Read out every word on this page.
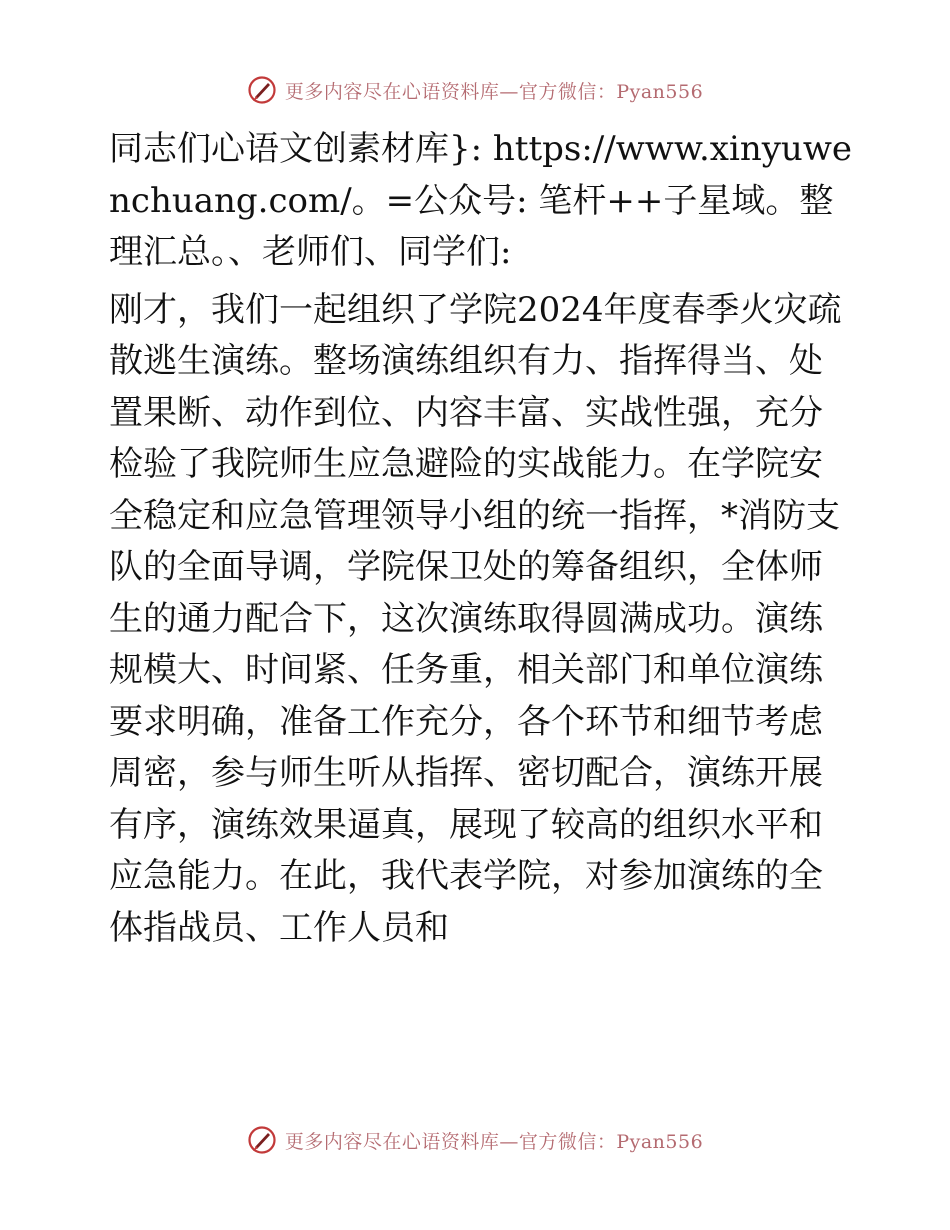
更多内容尽在心语资料库—官方微信：Pyan556

同志们心语文创素材库}: https://www.xinyuwenchuang.com/。=公众号: 笔杆++子星域。整理汇总。、老师们、同学们:

刚才，我们一起组织了学院2024年度春季火灾疏散逃生演练。整场演练组织有力、指挥得当、处置果断、动作到位、内容丰富、实战性强，充分检验了我院师生应急避险的实战能力。在学院安全稳定和应急管理领导小组的统一指挥，*消防支队的全面导调，学院保卫处的筹备组织，全体师生的通力配合下，这次演练取得圆满成功。演练规模大、时间紧、任务重，相关部门和单位演练要求明确，准备工作充分，各个环节和细节考虑周密，参与师生听从指挥、密切配合，演练开展有序，演练效果逼真，展现了较高的组织水平和应急能力。在此，我代表学院，对参加演练的全体指战员、工作人员和

更多内容尽在心语资料库—官方微信：Pyan556
